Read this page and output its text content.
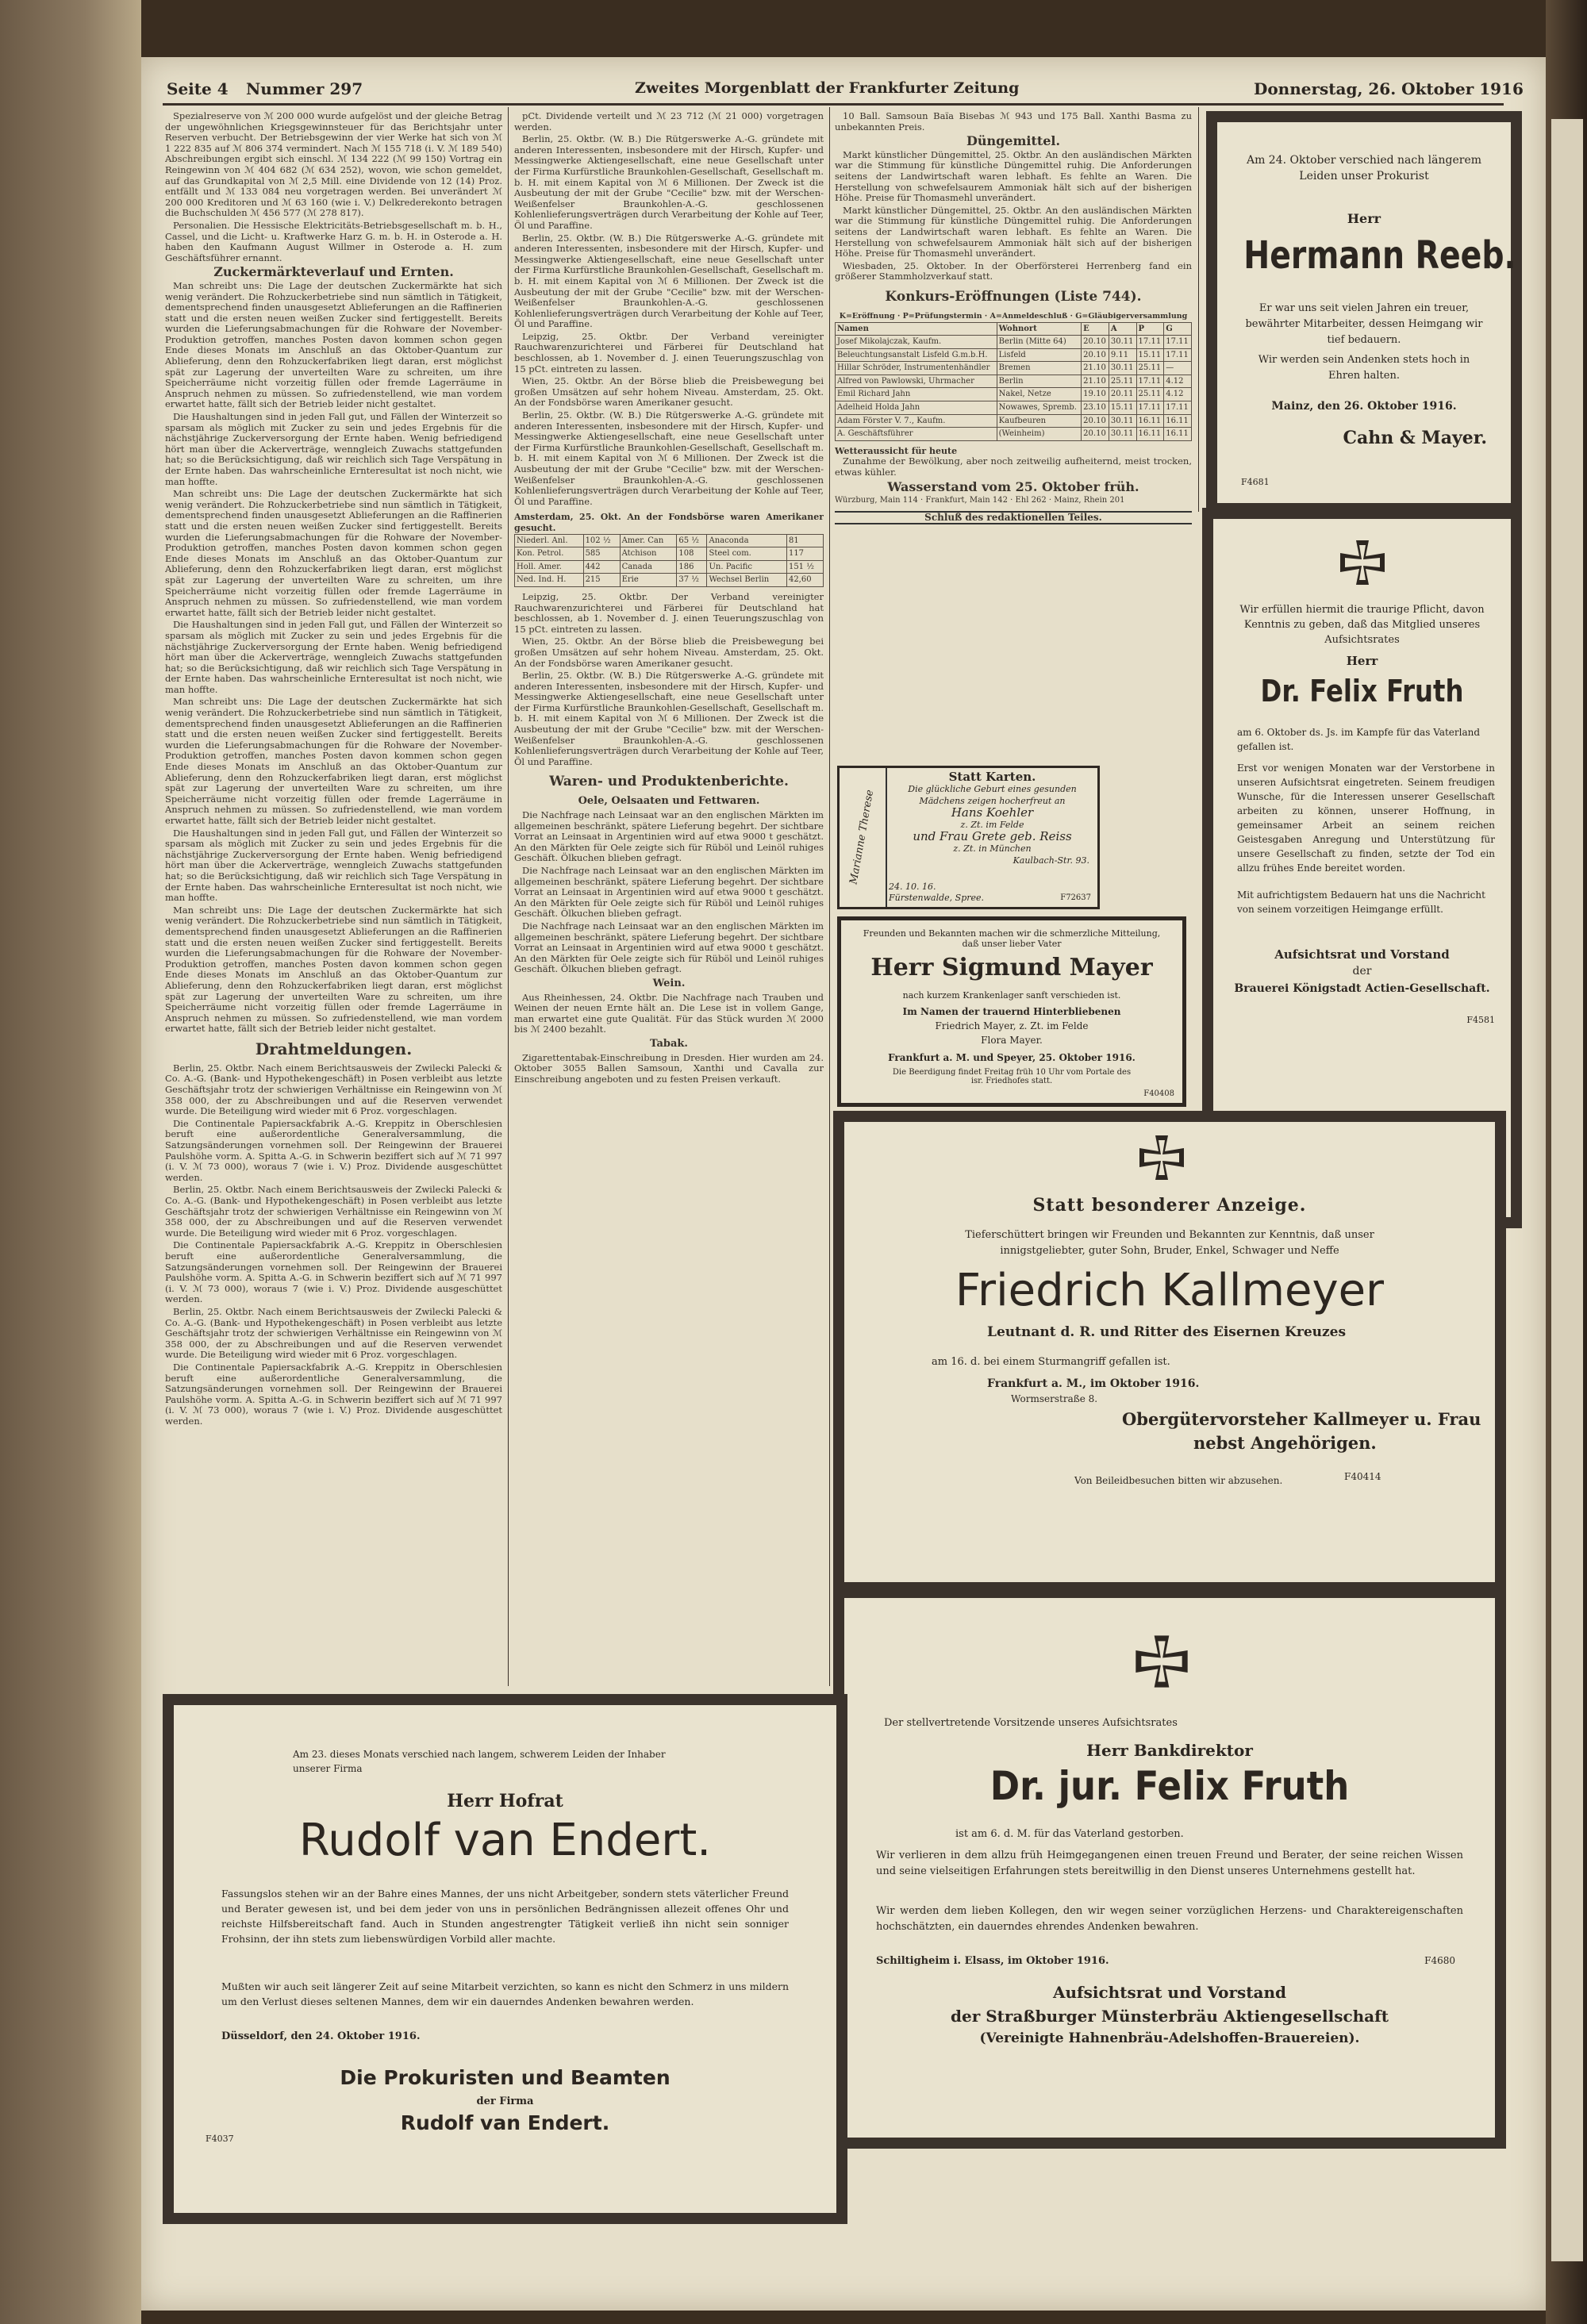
Seite 4 Nummer 297	Zweites Morgenblatt der Frankfurter Zeitung	Donnerstag, 26. Oktober 1916

Spezialreserve von ℳ 200 000 wurde aufgelöst und der gleiche Betrag der ungewöhnlichen Kriegsgewinnsteuer für das Berichtsjahr unter Reserven verbucht. Der Betriebsgewinn der vier Werke hat sich von ℳ 1 222 835 auf ℳ 806 374 vermindert. Nach ℳ 155 718 (i. V. ℳ 189 540) Abschreibungen ergibt sich einschl. ℳ 134 222 (ℳ 99 150) Vortrag ein Reingewinn von ℳ 404 682 (ℳ 634 252), wovon, wie schon gemeldet, auf das Grundkapital von ℳ 2,5 Mill. eine Dividende von 12 (14) Proz. entfällt und ℳ 133 084 neu vorgetragen werden. Bei unverändert ℳ 200 000 Kreditoren und ℳ 63 160 (wie i. V.) Delkrederekonto betragen die Buchschulden ℳ 456 577 (ℳ 278 817).

Personalien. Die Hessische Elektricitäts-Betriebsgesellschaft m. b. H., Cassel, und die Licht- u. Kraftwerke Harz G. m. b. H. in Osterode a. H. haben den Kaufmann August Willmer in Osterode a. H. zum Geschäftsführer ernannt.

Zuckermärkteverlauf und Ernten.

Man schreibt uns: Die Lage der deutschen Zuckermärkte hat sich wenig verändert. Die Rohzuckerbetriebe sind nun sämtlich in Tätigkeit, dementsprechend finden unausgesetzt Ablieferungen an die Raffinerien statt und die ersten neuen weißen Zucker sind fertiggestellt. Bereits wurden die Lieferungsabmachungen für die Rohware der November-Produktion getroffen, manches Posten davon kommen schon gegen Ende dieses Monats im Anschluß an das Oktober-Quantum zur Ablieferung, denn den Rohzuckerfabriken liegt daran, erst möglichst spät zur Lagerung der unverteilten Ware zu schreiten, um ihre Speicherräume nicht vorzeitig füllen oder fremde Lagerräume in Anspruch nehmen zu müssen. So zufriedenstellend, wie man vordem erwartet hatte, fällt sich der Betrieb leider nicht gestaltet.

Die Haushaltungen sind in jeden Fall gut, und Fällen der Winterzeit so sparsam als möglich mit Zucker zu sein und jedes Ergebnis für die nächstjährige Zuckerversorgung der Ernte haben. Wenig befriedigend hört man über die Ackerverträge, wenngleich Zuwachs stattgefunden hat; so die Berücksichtigung, daß wir reichlich sich Tage Verspätung in der Ernte haben. Das wahrscheinliche Ernteresultat ist noch nicht, wie man hoffte.

Man schreibt uns: Die Lage der deutschen Zuckermärkte hat sich wenig verändert. Die Rohzuckerbetriebe sind nun sämtlich in Tätigkeit, dementsprechend finden unausgesetzt Ablieferungen an die Raffinerien statt und die ersten neuen weißen Zucker sind fertiggestellt. Bereits wurden die Lieferungsabmachungen für die Rohware der November-Produktion getroffen, manches Posten davon kommen schon gegen Ende dieses Monats im Anschluß an das Oktober-Quantum zur Ablieferung, denn den Rohzuckerfabriken liegt daran, erst möglichst spät zur Lagerung der unverteilten Ware zu schreiten, um ihre Speicherräume nicht vorzeitig füllen oder fremde Lagerräume in Anspruch nehmen zu müssen. So zufriedenstellend, wie man vordem erwartet hatte, fällt sich der Betrieb leider nicht gestaltet.

Die Haushaltungen sind in jeden Fall gut, und Fällen der Winterzeit so sparsam als möglich mit Zucker zu sein und jedes Ergebnis für die nächstjährige Zuckerversorgung der Ernte haben. Wenig befriedigend hört man über die Ackerverträge, wenngleich Zuwachs stattgefunden hat; so die Berücksichtigung, daß wir reichlich sich Tage Verspätung in der Ernte haben. Das wahrscheinliche Ernteresultat ist noch nicht, wie man hoffte.

Man schreibt uns: Die Lage der deutschen Zuckermärkte hat sich wenig verändert. Die Rohzuckerbetriebe sind nun sämtlich in Tätigkeit, dementsprechend finden unausgesetzt Ablieferungen an die Raffinerien statt und die ersten neuen weißen Zucker sind fertiggestellt. Bereits wurden die Lieferungsabmachungen für die Rohware der November-Produktion getroffen, manches Posten davon kommen schon gegen Ende dieses Monats im Anschluß an das Oktober-Quantum zur Ablieferung, denn den Rohzuckerfabriken liegt daran, erst möglichst spät zur Lagerung der unverteilten Ware zu schreiten, um ihre Speicherräume nicht vorzeitig füllen oder fremde Lagerräume in Anspruch nehmen zu müssen. So zufriedenstellend, wie man vordem erwartet hatte, fällt sich der Betrieb leider nicht gestaltet.

Die Haushaltungen sind in jeden Fall gut, und Fällen der Winterzeit so sparsam als möglich mit Zucker zu sein und jedes Ergebnis für die nächstjährige Zuckerversorgung der Ernte haben. Wenig befriedigend hört man über die Ackerverträge, wenngleich Zuwachs stattgefunden hat; so die Berücksichtigung, daß wir reichlich sich Tage Verspätung in der Ernte haben. Das wahrscheinliche Ernteresultat ist noch nicht, wie man hoffte.

Man schreibt uns: Die Lage der deutschen Zuckermärkte hat sich wenig verändert. Die Rohzuckerbetriebe sind nun sämtlich in Tätigkeit, dementsprechend finden unausgesetzt Ablieferungen an die Raffinerien statt und die ersten neuen weißen Zucker sind fertiggestellt. Bereits wurden die Lieferungsabmachungen für die Rohware der November-Produktion getroffen, manches Posten davon kommen schon gegen Ende dieses Monats im Anschluß an das Oktober-Quantum zur Ablieferung, denn den Rohzuckerfabriken liegt daran, erst möglichst spät zur Lagerung der unverteilten Ware zu schreiten, um ihre Speicherräume nicht vorzeitig füllen oder fremde Lagerräume in Anspruch nehmen zu müssen. So zufriedenstellend, wie man vordem erwartet hatte, fällt sich der Betrieb leider nicht gestaltet.

Drahtmeldungen.

Berlin, 25. Oktbr. Nach einem Berichtsausweis der Zwilecki Palecki & Co. A.-G. (Bank- und Hypothekengeschäft) in Posen verbleibt aus letzte Geschäftsjahr trotz der schwierigen Verhältnisse ein Reingewinn von ℳ 358 000, der zu Abschreibungen und auf die Reserven verwendet wurde. Die Beteiligung wird wieder mit 6 Proz. vorgeschlagen.

Die Continentale Papiersackfabrik A.-G. Kreppitz in Oberschlesien beruft eine außerordentliche Generalversammlung, die Satzungsänderungen vornehmen soll. Der Reingewinn der Brauerei Paulshöhe vorm. A. Spitta A.-G. in Schwerin beziffert sich auf ℳ 71 997 (i. V. ℳ 73 000), woraus 7 (wie i. V.) Proz. Dividende ausgeschüttet werden.

Berlin, 25. Oktbr. Nach einem Berichtsausweis der Zwilecki Palecki & Co. A.-G. (Bank- und Hypothekengeschäft) in Posen verbleibt aus letzte Geschäftsjahr trotz der schwierigen Verhältnisse ein Reingewinn von ℳ 358 000, der zu Abschreibungen und auf die Reserven verwendet wurde. Die Beteiligung wird wieder mit 6 Proz. vorgeschlagen.

Die Continentale Papiersackfabrik A.-G. Kreppitz in Oberschlesien beruft eine außerordentliche Generalversammlung, die Satzungsänderungen vornehmen soll. Der Reingewinn der Brauerei Paulshöhe vorm. A. Spitta A.-G. in Schwerin beziffert sich auf ℳ 71 997 (i. V. ℳ 73 000), woraus 7 (wie i. V.) Proz. Dividende ausgeschüttet werden.

Berlin, 25. Oktbr. Nach einem Berichtsausweis der Zwilecki Palecki & Co. A.-G. (Bank- und Hypothekengeschäft) in Posen verbleibt aus letzte Geschäftsjahr trotz der schwierigen Verhältnisse ein Reingewinn von ℳ 358 000, der zu Abschreibungen und auf die Reserven verwendet wurde. Die Beteiligung wird wieder mit 6 Proz. vorgeschlagen.

Die Continentale Papiersackfabrik A.-G. Kreppitz in Oberschlesien beruft eine außerordentliche Generalversammlung, die Satzungsänderungen vornehmen soll. Der Reingewinn der Brauerei Paulshöhe vorm. A. Spitta A.-G. in Schwerin beziffert sich auf ℳ 71 997 (i. V. ℳ 73 000), woraus 7 (wie i. V.) Proz. Dividende ausgeschüttet werden.

pCt. Dividende verteilt und ℳ 23 712 (ℳ 21 000) vorgetragen werden.

Berlin, 25. Oktbr. (W. B.) Die Rütgerswerke A.-G. gründete mit anderen Interessenten, insbesondere mit der Hirsch, Kupfer- und Messingwerke Aktiengesellschaft, eine neue Gesellschaft unter der Firma Kurfürstliche Braunkohlen-Gesellschaft, Gesellschaft m. b. H. mit einem Kapital von ℳ 6 Millionen. Der Zweck ist die Ausbeutung der mit der Grube "Cecilie" bzw. mit der Werschen-Weißenfelser Braunkohlen-A.-G. geschlossenen Kohlenlieferungsverträgen durch Verarbeitung der Kohle auf Teer, Öl und Paraffine.

Berlin, 25. Oktbr. (W. B.) Die Rütgerswerke A.-G. gründete mit anderen Interessenten, insbesondere mit der Hirsch, Kupfer- und Messingwerke Aktiengesellschaft, eine neue Gesellschaft unter der Firma Kurfürstliche Braunkohlen-Gesellschaft, Gesellschaft m. b. H. mit einem Kapital von ℳ 6 Millionen. Der Zweck ist die Ausbeutung der mit der Grube "Cecilie" bzw. mit der Werschen-Weißenfelser Braunkohlen-A.-G. geschlossenen Kohlenlieferungsverträgen durch Verarbeitung der Kohle auf Teer, Öl und Paraffine.

Leipzig, 25. Oktbr. Der Verband vereinigter Rauchwarenzurichterei und Färberei für Deutschland hat beschlossen, ab 1. November d. J. einen Teuerungszuschlag von 15 pCt. eintreten zu lassen.

Wien, 25. Oktbr. An der Börse blieb die Preisbewegung bei großen Umsätzen auf sehr hohem Niveau. Amsterdam, 25. Okt. An der Fondsbörse waren Amerikaner gesucht.

Berlin, 25. Oktbr. (W. B.) Die Rütgerswerke A.-G. gründete mit anderen Interessenten, insbesondere mit der Hirsch, Kupfer- und Messingwerke Aktiengesellschaft, eine neue Gesellschaft unter der Firma Kurfürstliche Braunkohlen-Gesellschaft, Gesellschaft m. b. H. mit einem Kapital von ℳ 6 Millionen. Der Zweck ist die Ausbeutung der mit der Grube "Cecilie" bzw. mit der Werschen-Weißenfelser Braunkohlen-A.-G. geschlossenen Kohlenlieferungsverträgen durch Verarbeitung der Kohle auf Teer, Öl und Paraffine.

Amsterdam, 25. Okt. An der Fondsbörse waren Amerikaner gesucht.
Niederl. Anl.	102 ½	Amer. Can	65 ½	Anaconda	81
Kon. Petrol.	585	Atchison	108	Steel com.	117
Holl. Amer.	442	Canada	186	Un. Pacific	151 ½
Ned. Ind. H.	215	Erie	37 ½	Wechsel Berlin	42,60

Leipzig, 25. Oktbr. Der Verband vereinigter Rauchwarenzurichterei und Färberei für Deutschland hat beschlossen, ab 1. November d. J. einen Teuerungszuschlag von 15 pCt. eintreten zu lassen.

Wien, 25. Oktbr. An der Börse blieb die Preisbewegung bei großen Umsätzen auf sehr hohem Niveau. Amsterdam, 25. Okt. An der Fondsbörse waren Amerikaner gesucht.

Berlin, 25. Oktbr. (W. B.) Die Rütgerswerke A.-G. gründete mit anderen Interessenten, insbesondere mit der Hirsch, Kupfer- und Messingwerke Aktiengesellschaft, eine neue Gesellschaft unter der Firma Kurfürstliche Braunkohlen-Gesellschaft, Gesellschaft m. b. H. mit einem Kapital von ℳ 6 Millionen. Der Zweck ist die Ausbeutung der mit der Grube "Cecilie" bzw. mit der Werschen-Weißenfelser Braunkohlen-A.-G. geschlossenen Kohlenlieferungsverträgen durch Verarbeitung der Kohle auf Teer, Öl und Paraffine.

Waren- und Produktenberichte.
Oele, Oelsaaten und Fettwaren.

Die Nachfrage nach Leinsaat war an den englischen Märkten im allgemeinen beschränkt, spätere Lieferung begehrt. Der sichtbare Vorrat an Leinsaat in Argentinien wird auf etwa 9000 t geschätzt. An den Märkten für Oele zeigte sich für Rüböl und Leinöl ruhiges Geschäft. Ölkuchen blieben gefragt.

Die Nachfrage nach Leinsaat war an den englischen Märkten im allgemeinen beschränkt, spätere Lieferung begehrt. Der sichtbare Vorrat an Leinsaat in Argentinien wird auf etwa 9000 t geschätzt. An den Märkten für Oele zeigte sich für Rüböl und Leinöl ruhiges Geschäft. Ölkuchen blieben gefragt.

Die Nachfrage nach Leinsaat war an den englischen Märkten im allgemeinen beschränkt, spätere Lieferung begehrt. Der sichtbare Vorrat an Leinsaat in Argentinien wird auf etwa 9000 t geschätzt. An den Märkten für Oele zeigte sich für Rüböl und Leinöl ruhiges Geschäft. Ölkuchen blieben gefragt.

Wein.

Aus Rheinhessen, 24. Oktbr. Die Nachfrage nach Trauben und Weinen der neuen Ernte hält an. Die Lese ist in vollem Gange, man erwartet eine gute Qualität. Für das Stück wurden ℳ 2000 bis ℳ 2400 bezahlt.

Tabak.

Zigarettentabak-Einschreibung in Dresden. Hier wurden am 24. Oktober 3055 Ballen Samsoun, Xanthi und Cavalla zur Einschreibung angeboten und zu festen Preisen verkauft.

10 Ball. Samsoun Baïa Bisebas ℳ 943 und 175 Ball. Xanthi Basma zu unbekannten Preis.

Düngemittel.

Markt künstlicher Düngemittel, 25. Oktbr. An den ausländischen Märkten war die Stimmung für künstliche Düngemittel ruhig. Die Anforderungen seitens der Landwirtschaft waren lebhaft. Es fehlte an Waren. Die Herstellung von schwefelsaurem Ammoniak hält sich auf der bisherigen Höhe. Preise für Thomasmehl unverändert.

Markt künstlicher Düngemittel, 25. Oktbr. An den ausländischen Märkten war die Stimmung für künstliche Düngemittel ruhig. Die Anforderungen seitens der Landwirtschaft waren lebhaft. Es fehlte an Waren. Die Herstellung von schwefelsaurem Ammoniak hält sich auf der bisherigen Höhe. Preise für Thomasmehl unverändert.

Wiesbaden, 25. Oktober. In der Oberförsterei Herrenberg fand ein größerer Stammholzverkauf statt.

Konkurs-Eröffnungen (Liste 744).
K=Eröffnung · P=Prüfungstermin · A=Anmeldeschluß · G=Gläubigerversammlung
Namen	Wohnort	E	A	P	G
Josef Mikolajczak, Kaufm.	Berlin (Mitte 64)	20.10	30.11	17.11	17.11
Beleuchtungsanstalt Lisfeld G.m.b.H.	Lisfeld	20.10	9.11	15.11	17.11
Hillar Schröder, Instrumentenhändler	Bremen	21.10	30.11	25.11	—
Alfred von Pawlowski, Uhrmacher	Berlin	21.10	25.11	17.11	4.12
Emil Richard Jahn	Nakel, Netze	19.10	20.11	25.11	4.12
Adelheid Holda Jahn	Nowawes, Spremb.	23.10	15.11	17.11	17.11
Adam Förster V. 7., Kaufm.	Kaufbeuren	20.10	30.11	16.11	16.11
A. Geschäftsführer	(Weinheim)	20.10	30.11	16.11	16.11
Wetteraussicht für heute

Zunahme der Bewölkung, aber noch zeitweilig aufheiternd, meist trocken, etwas kühler.

Wasserstand vom 25. Oktober früh.
Würzburg, Main 114 · Frankfurt, Main 142 · Ehl 262 · Mainz, Rhein 201
Schluß des redaktionellen Teiles.
Marianne Therese
Statt Karten.
Die glückliche Geburt eines gesunden
Mädchens zeigen hocherfreut an
Hans Koehler
z. Zt. im Felde
und Frau Grete geb. Reiss
z. Zt. in München
Kaulbach-Str. 93.
24. 10. 16.
Fürstenwalde, Spree.	F72637
Freunden und Bekannten machen wir die schmerzliche Mitteilung, daß unser lieber Vater
Herr Sigmund Mayer
nach kurzem Krankenlager sanft verschieden ist.
Im Namen der trauernd Hinterbliebenen
Friedrich Mayer, z. Zt. im Felde
Flora Mayer.
Frankfurt a. M. und Speyer, 25. Oktober 1916.
Die Beerdigung findet Freitag früh 10 Uhr vom Portale des isr. Friedhofes statt.
F40408
Am 24. Oktober verschied nach längerem
Leiden unser Prokurist
Herr
Hermann Reeb.
Er war uns seit vielen Jahren ein treuer, bewährter Mitarbeiter, dessen Heimgang wir tief bedauern.
Wir werden sein Andenken stets hoch in Ehren halten.
Mainz, den 26. Oktober 1916.
Cahn & Mayer.
F4681
Wir erfüllen hiermit die traurige Pflicht, davon Kenntnis zu geben, daß das Mitglied unseres Aufsichtsrates
Herr
Dr. Felix Fruth
am 6. Oktober ds. Js. im Kampfe für das Vaterland gefallen ist.
Erst vor wenigen Monaten war der Verstorbene in unseren Aufsichtsrat eingetreten. Seinem freudigen Wunsche, für die Interessen unserer Gesellschaft arbeiten zu können, unserer Hoffnung, in gemeinsamer Arbeit an seinem reichen Geistesgaben Anregung und Unterstützung für unsere Gesellschaft zu finden, setzte der Tod ein allzu frühes Ende bereitet worden.
Mit aufrichtigstem Bedauern hat uns die Nachricht von seinem vorzeitigen Heimgange erfüllt.
Aufsichtsrat und Vorstand
der
Brauerei Königstadt Actien-Gesellschaft.
F4581
Statt besonderer Anzeige.
Tieferschüttert bringen wir Freunden und Bekannten zur Kenntnis, daß unser
innigstgeliebter, guter Sohn, Bruder, Enkel, Schwager und Neffe
Friedrich Kallmeyer
Leutnant d. R. und Ritter des Eisernen Kreuzes
am 16. d. bei einem Sturmangriff gefallen ist.
Frankfurt a. M., im Oktober 1916.
Wormserstraße 8.
Obergütervorsteher Kallmeyer u. Frau
nebst Angehörigen.
Von Beileidbesuchen bitten wir abzusehen.	F40414
Der stellvertretende Vorsitzende unseres Aufsichtsrates
Herr Bankdirektor
Dr. jur. Felix Fruth
ist am 6. d. M. für das Vaterland gestorben.
Wir verlieren in dem allzu früh Heimgegangenen einen treuen Freund und Berater, der seine reichen Wissen und seine vielseitigen Erfahrungen stets bereitwillig in den Dienst unseres Unternehmens gestellt hat.
Wir werden dem lieben Kollegen, den wir wegen seiner vorzüglichen Herzens- und Charaktereigenschaften hochschätzten, ein dauerndes ehrendes Andenken bewahren.
Schiltigheim i. Elsass, im Oktober 1916.	F4680
Aufsichtsrat und Vorstand
der Straßburger Münsterbräu Aktiengesellschaft
(Vereinigte Hahnenbräu-Adelshoffen-Brauereien).
Am 23. dieses Monats verschied nach langem, schwerem Leiden der Inhaber
unserer Firma
Herr Hofrat
Rudolf van Endert.
Fassungslos stehen wir an der Bahre eines Mannes, der uns nicht Arbeitgeber, sondern stets väterlicher Freund und Berater gewesen ist, und bei dem jeder von uns in persönlichen Bedrängnissen allezeit offenes Ohr und reichste Hilfsbereitschaft fand. Auch in Stunden angestrengter Tätigkeit verließ ihn nicht sein sonniger Frohsinn, der ihn stets zum liebenswürdigen Vorbild aller machte.
Mußten wir auch seit längerer Zeit auf seine Mitarbeit verzichten, so kann es nicht den Schmerz in uns mildern um den Verlust dieses seltenen Mannes, dem wir ein dauerndes Andenken bewahren werden.
Düsseldorf, den 24. Oktober 1916.
Die Prokuristen und Beamten
der Firma
Rudolf van Endert.
F4037
